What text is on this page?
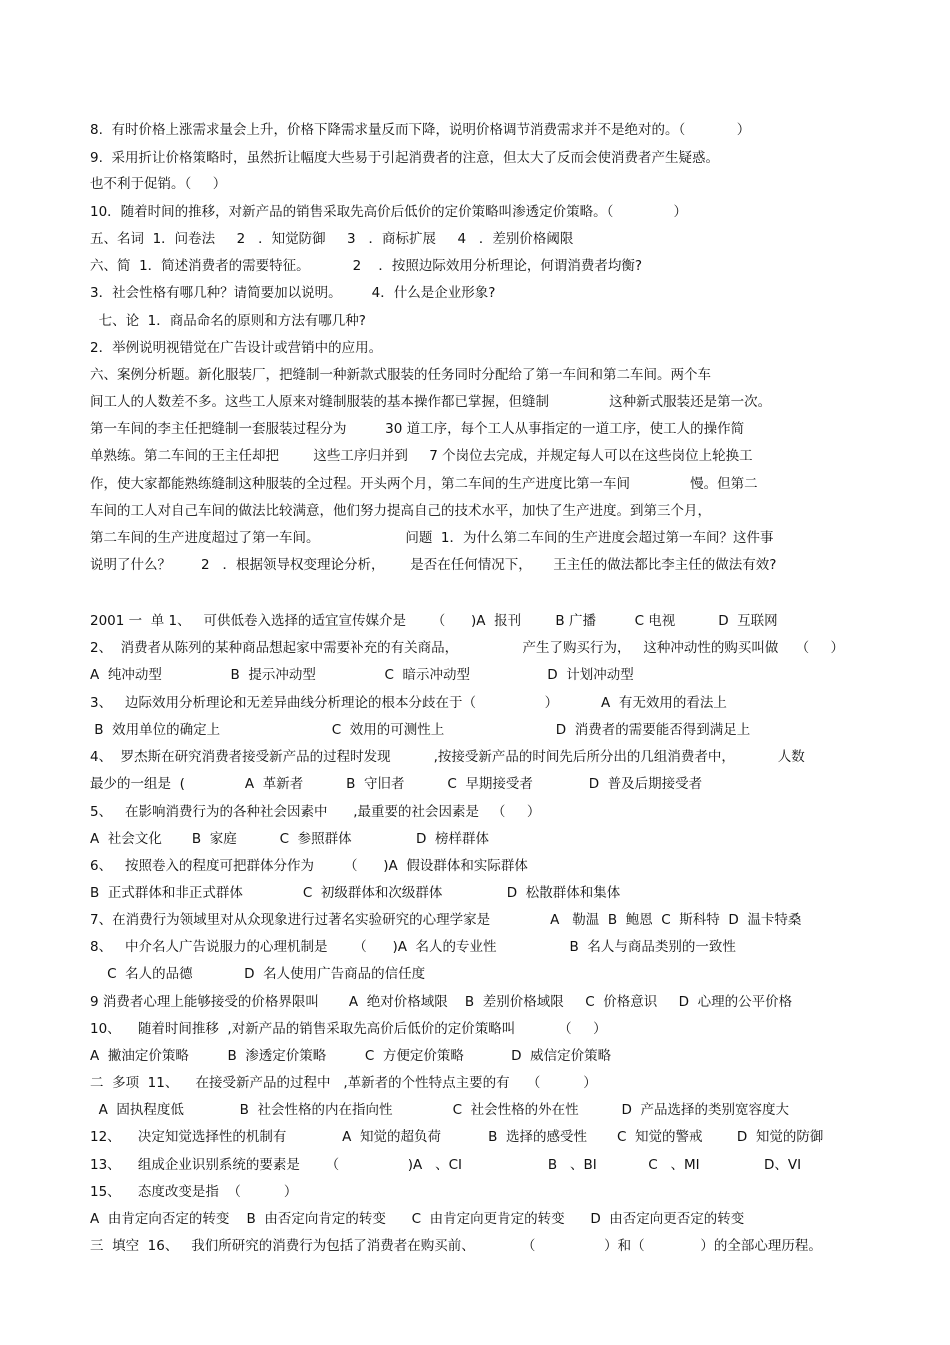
8.  有时价格上涨需求量会上升，价格下降需求量反而下降，说明价格调节消费需求并不是绝对的。（            ）
9.  采用折让价格策略时，虽然折让幅度大些易于引起消费者的注意，但太大了反而会使消费者产生疑惑。
也不利于促销。（     ）
10．随着时间的推移，对新产品的销售采取先高价后低价的定价策略叫渗透定价策略。（              ）
五、名词  1．问卷法     2   ．知觉防御     3   ．商标扩展     4   ．差别价格阈限
六、简  1．简述消费者的需要特征。          2    ．按照边际效用分析理论，何谓消费者均衡?
3．社会性格有哪几种？请简要加以说明。       4．什么是企业形象?
七、论  1．商品命名的原则和方法有哪几种?
2．举例说明视错觉在广告设计或营销中的应用。
六、案例分析题。新化服装厂，把缝制一种新款式服装的任务同时分配给了第一车间和第二车间。两个车
间工人的人数差不多。这些工人原来对缝制服装的基本操作都已掌握，但缝制              这种新式服装还是第一次。
第一车间的李主任把缝制一套服装过程分为         30 道工序，每个工人从事指定的一道工序，使工人的操作简
单熟练。第二车间的王主任却把        这些工序归并到     7 个岗位去完成，并规定每人可以在这些岗位上轮换工
作，使大家都能熟练缝制这种服装的全过程。开头两个月，第二车间的生产进度比第一车间              慢。但第二
车间的工人对自己车间的做法比较满意，他们努力提高自己的技术水平，加快了生产进度。到第三个月，
第二车间的生产进度超过了第一车间。                    问题  1．为什么第二车间的生产进度会超过第一车间？这件事
说明了什么？       2   ．根据领导权变理论分析，      是否在任何情况下，     王主任的做法都比李主任的做法有效?
2001 一  单 1、   可供低卷入选择的适宜宣传媒介是      （      )A  报刊        B 广播         C 电视          D  互联网
2、  消费者从陈列的某种商品想起家中需要补充的有关商品，               产生了购买行为，   这种冲动性的购买叫做    （     ）
A  纯冲动型                B  提示冲动型                C  暗示冲动型                  D  计划冲动型
3、   边际效用分析理论和无差异曲线分析理论的根本分歧在于（                ）          A  有无效用的看法上
B  效用单位的确定上                          C  效用的可测性上                          D  消费者的需要能否得到满足上
4、  罗杰斯在研究消费者接受新产品的过程时发现          ,按接受新产品的时间先后所分出的几组消费者中，          人数
最少的一组是  (              A  革新者          B  守旧者          C  早期接受者             D  普及后期接受者
5、   在影响消费行为的各种社会因素中      ,最重要的社会因素是   （     ）
A  社会文化       B  家庭          C  参照群体               D  榜样群体
6、   按照卷入的程度可把群体分作为       （      )A  假设群体和实际群体
B  正式群体和非正式群体              C  初级群体和次级群体               D  松散群体和集体
7、在消费行为领域里对从众现象进行过著名实验研究的心理学家是              A   勒温  B  鲍恩  C  斯科特  D  温卡特桑
8、   中介名人广告说服力的心理机制是      （      )A  名人的专业性                 B  名人与商品类别的一致性
C  名人的品德            D  名人使用广告商品的信任度
9 消费者心理上能够接受的价格界限叫       A  绝对价格域限    B  差别价格域限     C  价格意识     D  心理的公平价格
10、    随着时间推移  ,对新产品的销售采取先高价后低价的定价策略叫          （     ）
A  撇油定价策略         B  渗透定价策略         C  方便定价策略           D  威信定价策略
二  多项  11、    在接受新产品的过程中   ,革新者的个性特点主要的有    （          ）
A  固执程度低             B  社会性格的内在指向性              C  社会性格的外在性          D  产品选择的类别宽容度大
12、    决定知觉选择性的机制有             A  知觉的超负荷           B  选择的感受性       C  知觉的警戒        D  知觉的防御
13、    组成企业识别系统的要素是      （                )A   、CI                    B   、BI            C   、MI               D、VI
15、    态度改变是指  （          ）
A  由肯定向否定的转变    B  由否定向肯定的转变      C  由肯定向更肯定的转变      D  由否定向更否定的转变
三  填空  16、   我们所研究的消费行为包括了消费者在购买前、           （                ）和（             ）的全部心理历程。
